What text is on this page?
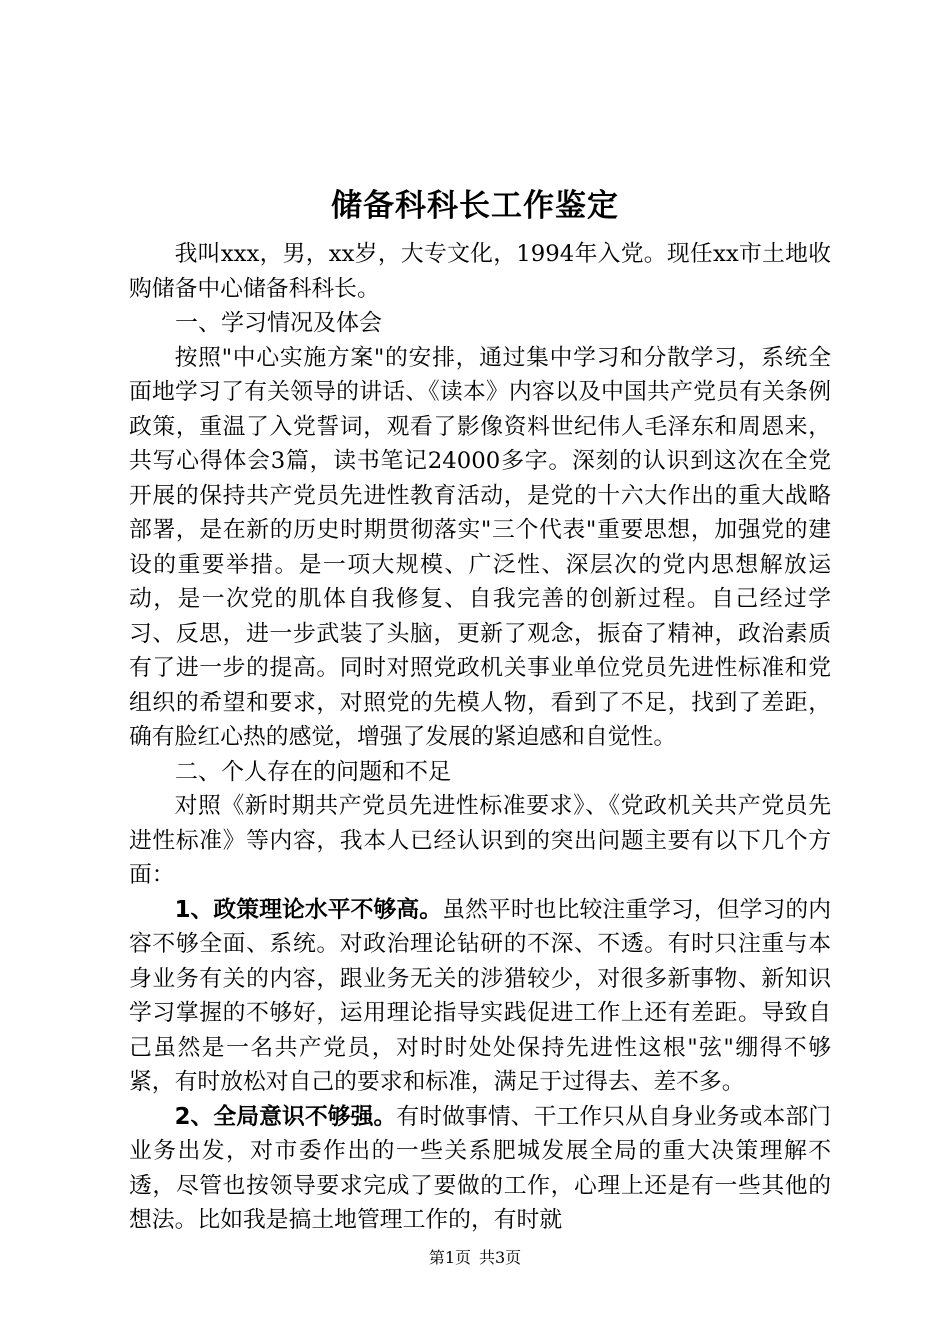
储备科科长工作鉴定

我叫xxx，男，xx岁，大专文化，1994年入党。现任xx市土地收购储备中心储备科科长。

一、学习情况及体会

按照"中心实施方案"的安排，通过集中学习和分散学习，系统全面地学习了有关领导的讲话、《读本》内容以及中国共产党员有关条例政策，重温了入党誓词，观看了影像资料世纪伟人毛泽东和周恩来，共写心得体会3篇，读书笔记24000多字。深刻的认识到这次在全党开展的保持共产党员先进性教育活动，是党的十六大作出的重大战略部署，是在新的历史时期贯彻落实"三个代表"重要思想，加强党的建设的重要举措。是一项大规模、广泛性、深层次的党内思想解放运动，是一次党的肌体自我修复、自我完善的创新过程。自己经过学习、反思，进一步武装了头脑，更新了观念，振奋了精神，政治素质有了进一步的提高。同时对照党政机关事业单位党员先进性标准和党组织的希望和要求，对照党的先模人物，看到了不足，找到了差距，确有脸红心热的感觉，增强了发展的紧迫感和自觉性。

二、个人存在的问题和不足

对照《新时期共产党员先进性标准要求》、《党政机关共产党员先进性标准》等内容，我本人已经认识到的突出问题主要有以下几个方面：

1、政策理论水平不够高。虽然平时也比较注重学习，但学习的内容不够全面、系统。对政治理论钻研的不深、不透。有时只注重与本身业务有关的内容，跟业务无关的涉猎较少，对很多新事物、新知识学习掌握的不够好，运用理论指导实践促进工作上还有差距。导致自己虽然是一名共产党员，对时时处处保持先进性这根"弦"绷得不够紧，有时放松对自己的要求和标准，满足于过得去、差不多。

2、全局意识不够强。有时做事情、干工作只从自身业务或本部门业务出发，对市委作出的一些关系肥城发展全局的重大决策理解不透，尽管也按领导要求完成了要做的工作，心理上还是有一些其他的想法。比如我是搞土地管理工作的，有时就

第1页 共3页
